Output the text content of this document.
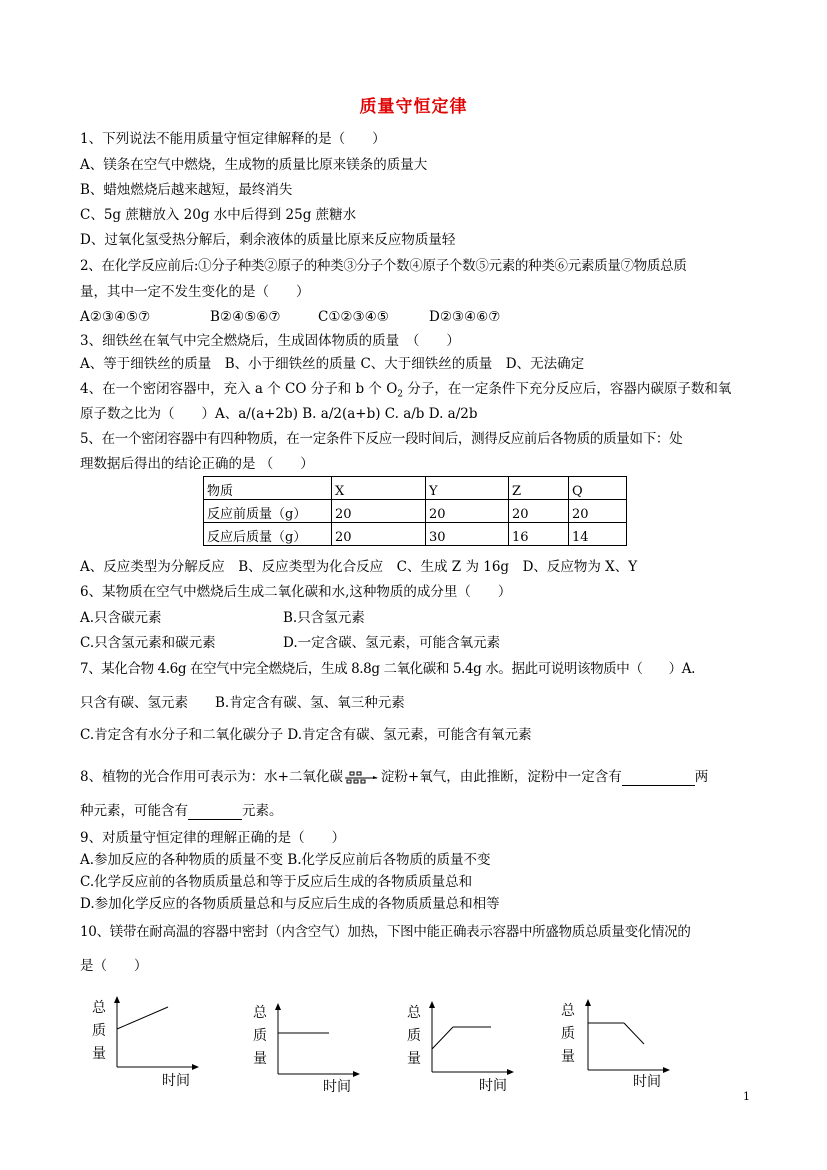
质量守恒定律
1、下列说法不能用质量守恒定律解释的是（　　）
A、镁条在空气中燃烧，生成物的质量比原来镁条的质量大
B、蜡烛燃烧后越来越短，最终消失
C、5g 蔗糖放入 20g 水中后得到 25g 蔗糖水
D、过氧化氢受热分解后，剩余液体的质量比原来反应物质量轻
2、在化学反应前后:①分子种类②原子的种类③分子个数④原子个数⑤元素的种类⑥元素质量⑦物质总质
量，其中一定不发生变化的是（　　）
A②③④⑤⑦	B②④⑤⑥⑦	C①②③④⑤	D②③④⑥⑦
3、细铁丝在氧气中完全燃烧后，生成固体物质的质量　（　　）
A、等于细铁丝的质量　B、小于细铁丝的质量 C、大于细铁丝的质量　D、无法确定
4、在一个密闭容器中，充入 a 个 CO 分子和 b 个 $O_2$ 分子，在一定条件下充分反应后，容器内碳原子数和氧
原子数之比为（　　）A、a/(a+2b) B. a/2(a+b) C. a/b D. a/2b
5、在一个密闭容器中有四种物质，在一定条件下反应一段时间后，测得反应前后各物质的质量如下：处
理数据后得出的结论正确的是 （　　）
物质	X	Y	Z	Q
反应前质量（g）	20	20	20	20
反应后质量（g）	20	30	16	14
A、反应类型为分解反应　B、反应类型为化合反应　C、生成 Z 为 16g　D、反应物为 X、Y
6、某物质在空气中燃烧后生成二氧化碳和水,这种物质的成分里（　　）
A.只含碳元素	B.只含氢元素
C.只含氢元素和碳元素	D.一定含碳、氢元素，可能含氧元素
7、某化合物 4.6g 在空气中完全燃烧后，生成 8.8g 二氧化碳和 5.4g 水。据此可说明该物质中（　　）A.
只含有碳、氢元素　　B.肯定含有碳、氢、氧三种元素
C.肯定含有水分子和二氧化碳分子 D.肯定含有碳、氢元素，可能含有氧元素
8、植物的光合作用可表示为：水+二氧化碳	淀粉+氧气，由此推断，淀粉中一定含有	两
种元素，可能含有	元素。
9、对质量守恒定律的理解正确的是（　　）
A.参加反应的各种物质的质量不变 B.化学反应前后各物质的质量不变
C.化学反应前的各物质质量总和等于反应后生成的各物质质量总和
D.参加化学反应的各物质质量总和与反应后生成的各物质质量总和相等
10、镁带在耐高温的容器中密封（内含空气）加热，下图中能正确表示容器中所盛物质总质量变化情况的
是（　　）
总
质
量
时间
总
质
量
时间
总
质
量
时间
总
质
量
时间
1
